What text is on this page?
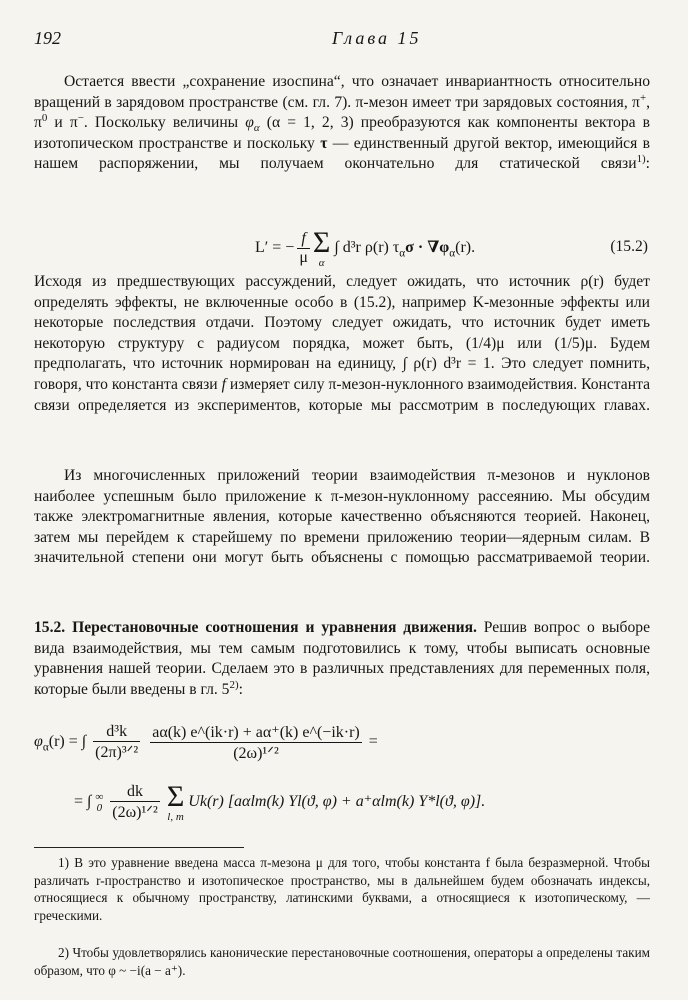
192	Глава 15

Остается ввести „сохранение изоспина“, что означает инвариантность относительно вращений в зарядовом пространстве (см. гл. 7). π-мезон имеет три зарядовых состояния, π+, $\pi^0$ и π−. Поскольку величины $\varphi_\alpha$ (α = 1, 2, 3) преобразуются как компоненты вектора в изотопическом пространстве и поскольку τ — единственный другой вектор, имеющийся в нашем распоряжении, мы получаем окончательно для статической связи$^{1)}$:

L′ = − $\frac{f}{\mu}$ Σ
α
∫ d³r ρ(r) $\tau_\alpha\sigma \cdot \nabla\varphi_\alpha(r)$.	(15.2)

Исходя из предшествующих рассуждений, следует ожидать, что источник ρ(r) будет определять эффекты, не включенные особо в (15.2), например K-мезонные эффекты или некоторые последствия отдачи. Поэтому следует ожидать, что источник будет иметь некоторую структуру с радиусом порядка, может быть, (1/4)μ или (1/5)μ. Будем предполагать, что источник нормирован на единицу, ∫ ρ(r) d³r = 1. Это следует помнить, говоря, что константа связи f измеряет силу π-мезон-нуклонного взаимодействия. Константа связи определяется из экспериментов, которые мы рассмотрим в последующих главах.

Из многочисленных приложений теории взаимодействия π-мезонов и нуклонов наиболее успешным было приложение к π-мезон-нуклонному рассеянию. Мы обсудим также электромагнитные явления, которые качественно объясняются теорией. Наконец, затем мы перейдем к старейшему по времени приложению теории—ядерным силам. В значительной степени они могут быть объяснены с помощью рассматриваемой теории.

15.2. Перестановочные соотношения и уравнения движения. Решив вопрос о выборе вида взаимодействия, мы тем самым подготовились к тому, чтобы выписать основные уравнения нашей теории. Сделаем это в различных представлениях для переменных поля, которые были введены в гл. 5$^{2)}$:

$\varphi_\alpha(r)$ = ∫ $\frac{\text{d³k}}{\text{(2π)³ᐟ²}}$
$\frac{a\alpha(k) e\^{}(ik\cdot r) + a\alpha^+(k) e\^{}(-ik\cdot r)}{\text{(2ω)¹ᐟ²}}$ =
= ∫ ∞
0
$\frac{dk}{\text{(2ω)¹ᐟ²}}$
Σ
l, m
Uk(r) [aαlm(k) Yl(ϑ, φ) + a⁺αlm(k) Y*l(ϑ, φ)].

1) В это уравнение введена масса π-мезона μ для того, чтобы константа f была безразмерной. Чтобы различать r-пространство и изотопическое пространство, мы в дальнейшем будем обозначать индексы, относящиеся к обычному пространству, латинскими буквами, а относящиеся к изотопическому, — греческими.

2) Чтобы удовлетворялись канонические перестановочные соотношения, операторы a определены таким образом, что φ ~ −i(a − a⁺).
